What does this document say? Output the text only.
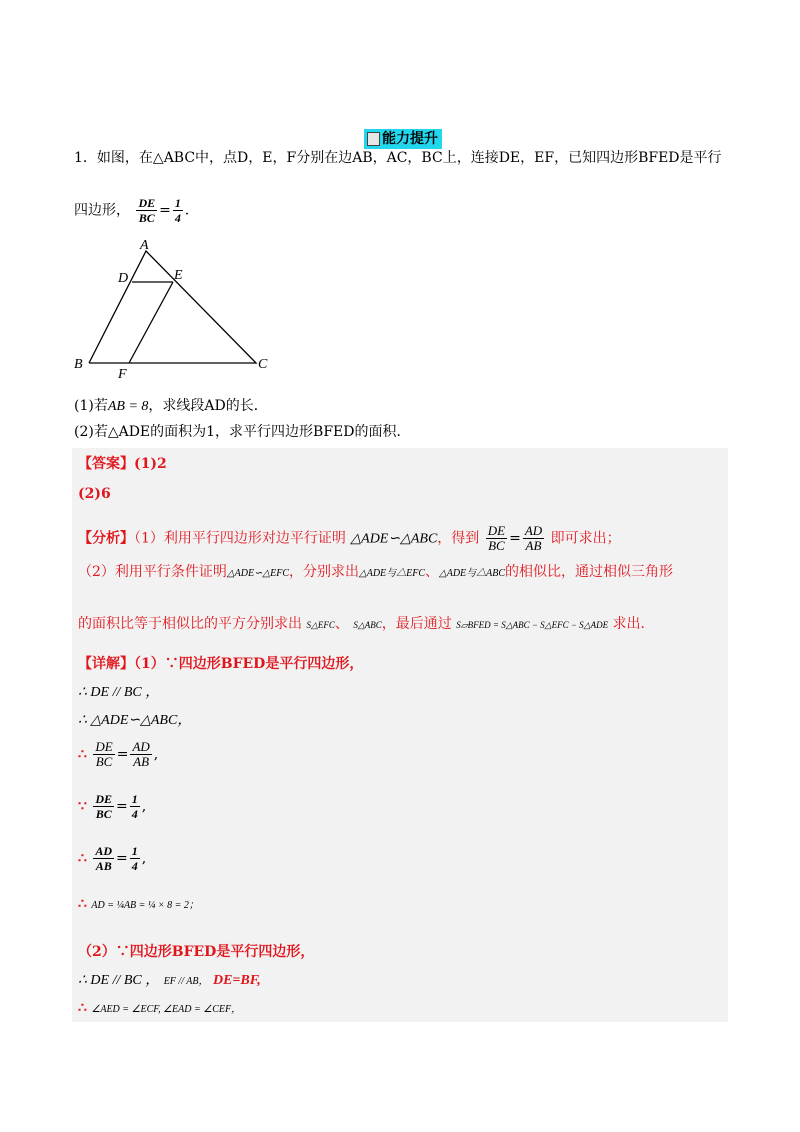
能力提升
1．如图，在△ABC中，点D，E，F分别在边AB，AC，BC上，连接DE，EF，已知四边形BFED是平行
四边形， $\frac{DE}{BC} = \frac{1}{4}$ ．
A
D	E
B
F
C
(1)若AB = 8，求线段AD的长．
(2)若△ADE的面积为1，求平行四边形BFED的面积．
【答案】(1)2
(2)6
【分析】（1）利用平行四边形对边平行证明 △ADE∽△ABC，得到 $\frac{DE}{BC} = \frac{AD}{AB}$ 即可求出；
（2）利用平行条件证明△ADE∽△EFC，分别求出△ADE与△EFC、△ADE与△ABC的相似比，通过相似三角形
的面积比等于相似比的平方分别求出 S△EFC、 S△ABC，最后通过 S▱BFED = S△ABC − S△EFC − S△ADE 求出．
【详解】（1）∵四边形BFED是平行四边形，
∴ DE // BC ，
∴ △ADE∽△ABC，
∴ $\frac{DE}{BC} = \frac{AD}{AB}$ ,
∵ $\frac{DE}{BC} = \frac{1}{4}$ ,
∴ $\frac{AD}{AB} = \frac{1}{4}$ ,
∴ AD = ¼AB = ¼ × 8 = 2；
（2）∵四边形BFED是平行四边形，
∴ DE // BC ， EF // AB， DE=BF,
∴ ∠AED = ∠ECF, ∠EAD = ∠CEF，
